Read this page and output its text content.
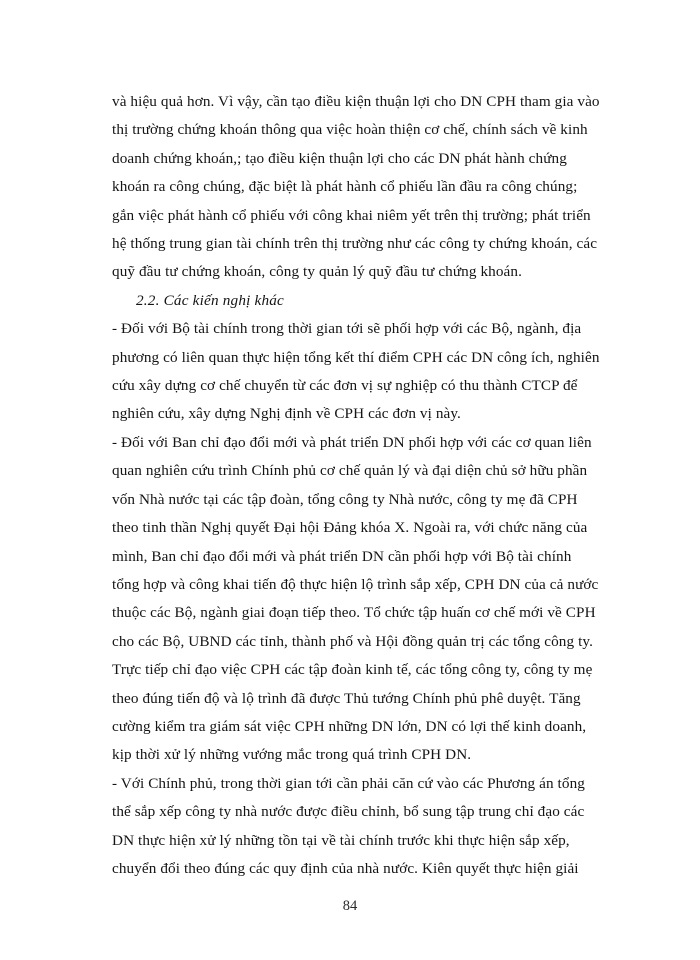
và hiệu quả hơn. Vì vậy, cần tạo điều kiện thuận lợi cho DN CPH tham gia vào
thị trường chứng khoán thông qua việc hoàn thiện cơ chế, chính sách về kinh
doanh chứng khoán,; tạo điều kiện thuận lợi cho các DN phát hành chứng
khoán ra công chúng, đặc biệt là phát hành cổ phiếu lần đầu ra công chúng;
gắn việc phát hành cổ phiếu với công khai niêm yết trên thị trường; phát triển
hệ thống trung gian tài chính trên thị trường như các công ty chứng khoán, các
quỹ đầu tư chứng khoán, công ty quản lý quỹ đầu tư chứng khoán.
2.2. Các kiến nghị khác
- Đối với Bộ tài chính trong thời gian tới sẽ phối hợp với các Bộ, ngành, địa
phương có liên quan thực hiện tổng kết thí điểm CPH các DN công ích, nghiên
cứu xây dựng cơ chế chuyển từ các đơn vị sự nghiệp có thu thành CTCP để
nghiên cứu, xây dựng Nghị định về CPH các đơn vị này.
- Đối với Ban chỉ đạo đổi mới và phát triển DN phối hợp với các cơ quan liên
quan nghiên cứu trình Chính phủ cơ chế quản lý và đại diện chủ sở hữu phần
vốn Nhà nước tại các tập đoàn, tổng công ty Nhà nước, công ty mẹ đã CPH
theo tinh thần Nghị quyết Đại hội Đảng khóa X. Ngoài ra, với chức năng của
mình, Ban chỉ đạo đổi mới và phát triển DN cần phối hợp với Bộ tài chính
tổng hợp và công khai tiến độ thực hiện lộ trình sắp xếp, CPH DN của cả nước
thuộc các Bộ, ngành giai đoạn tiếp theo. Tổ chức tập huấn cơ chế mới về CPH
cho các Bộ, UBND các tỉnh, thành phố và Hội đồng quản trị các tổng công ty.
Trực tiếp chỉ đạo việc CPH các tập đoàn kinh tế, các tổng công ty, công ty mẹ
theo đúng tiến độ và lộ trình đã được Thủ tướng Chính phủ phê duyệt. Tăng
cường kiểm tra giám sát việc CPH những DN lớn, DN có lợi thế kinh doanh,
kịp thời xử lý những vướng mắc trong quá trình CPH DN.
- Với Chính phủ, trong thời gian tới cần phải căn cứ vào các Phương án tổng
thể sắp xếp công ty nhà nước được điều chỉnh, bổ sung tập trung chỉ đạo các
DN thực hiện xử lý những tồn tại về tài chính trước khi thực hiện sắp xếp,
chuyển đổi theo đúng các quy định của nhà nước. Kiên quyết thực hiện giải
84
